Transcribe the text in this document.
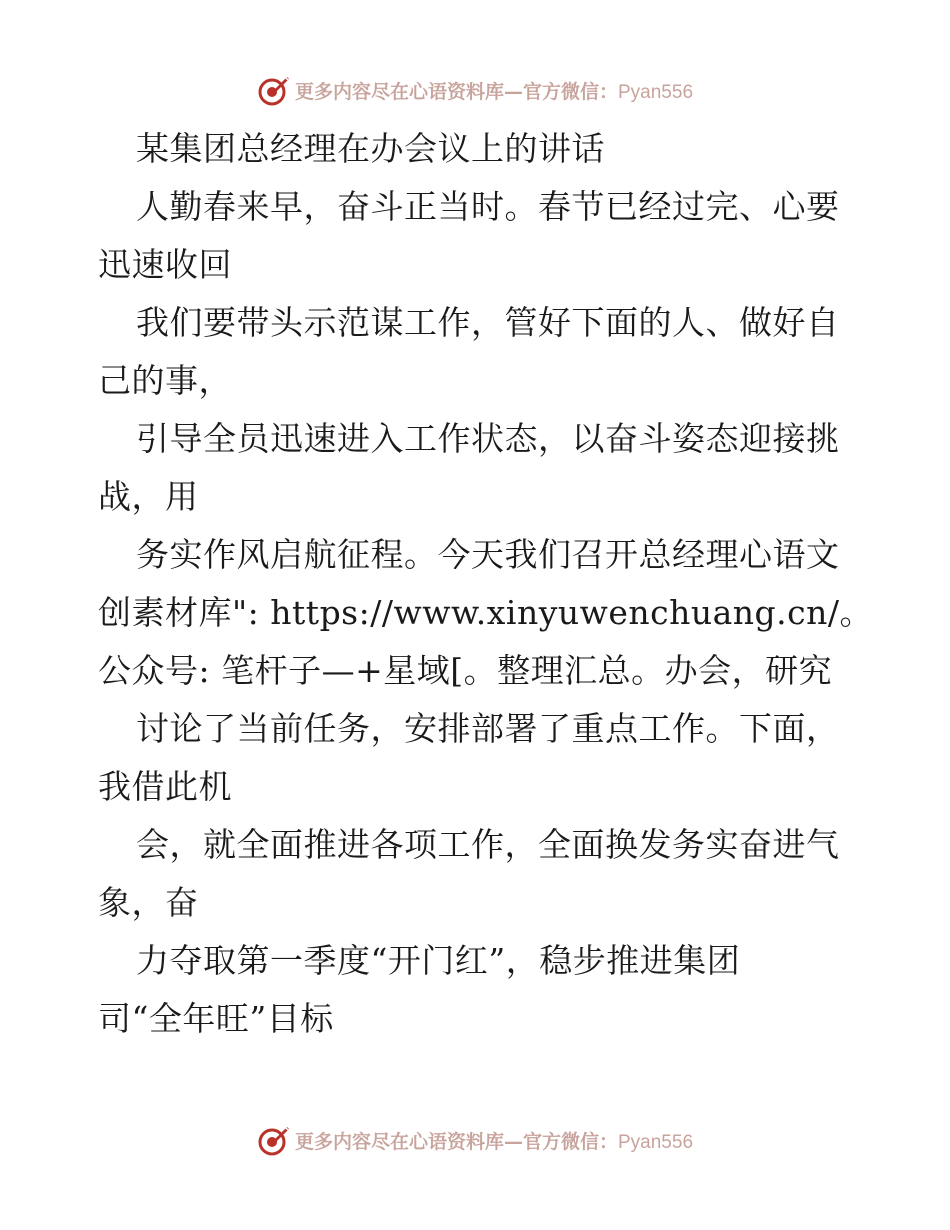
更多内容尽在心语资料库—官方微信：Pyan556
某集团总经理在办会议上的讲话
人勤春来早，奋斗正当时。春节已经过完、心要
迅速收回
我们要带头示范谋工作，管好下面的人、做好自
己的事，
引导全员迅速进入工作状态，以奋斗姿态迎接挑
战，用
务实作风启航征程。今天我们召开总经理心语文
创素材库": https://www.xinyuwenchuang.cn/。
公众号: 笔杆子—+星域[。整理汇总。办会，研究
讨论了当前任务，安排部署了重点工作。下面，
我借此机
会，就全面推进各项工作，全面换发务实奋进气
象，奋
力夺取第一季度“开门红”，稳步推进集团
司“全年旺”目标
更多内容尽在心语资料库—官方微信：Pyan556
